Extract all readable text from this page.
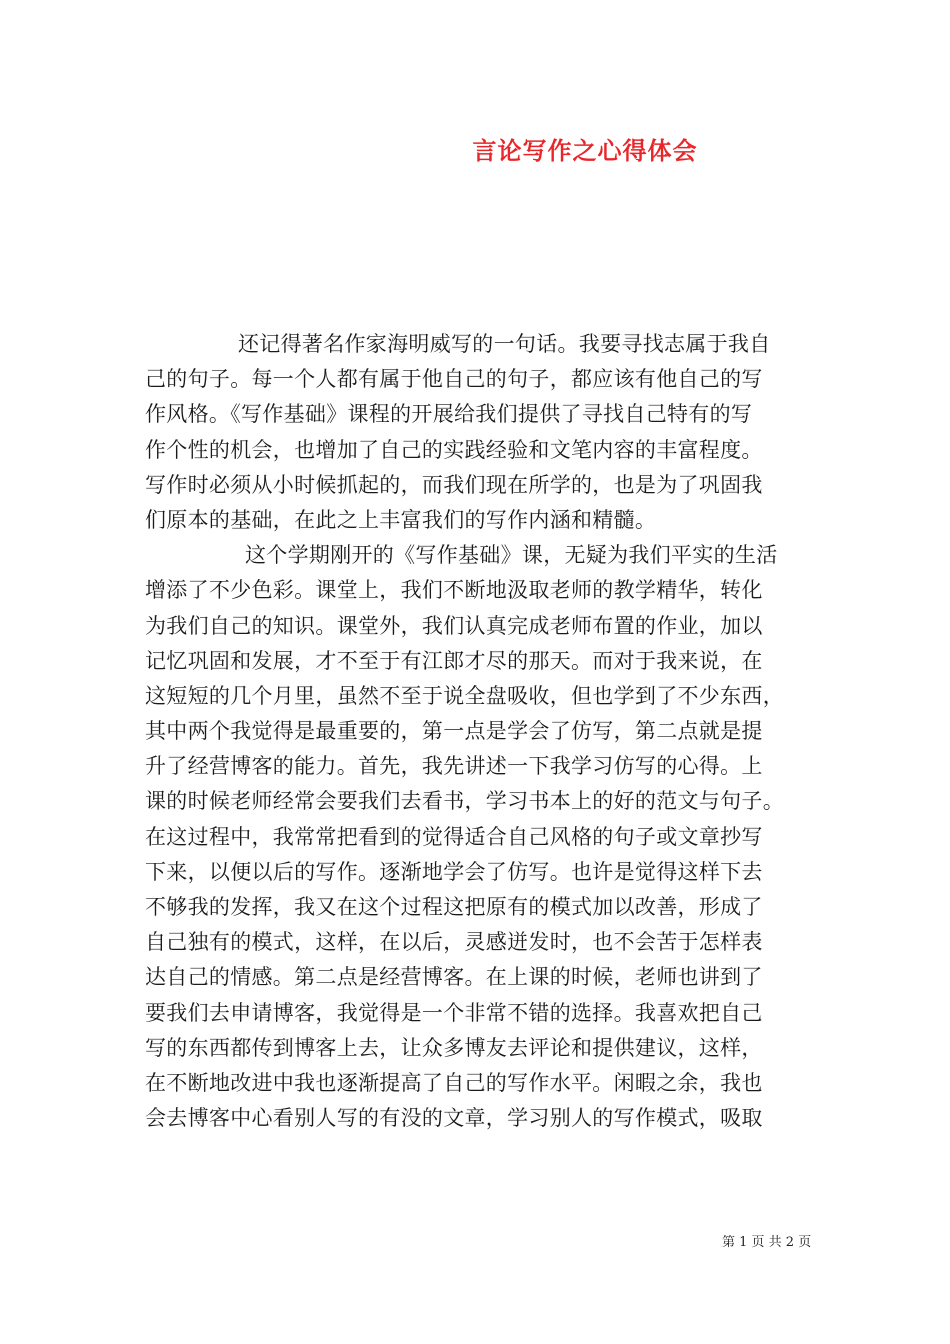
言论写作之心得体会
还记得著名作家海明威写的一句话。我要寻找志属于我自
己的句子。每一个人都有属于他自己的句子，都应该有他自己的写
作风格。《写作基础》课程的开展给我们提供了寻找自己特有的写
作个性的机会，也增加了自己的实践经验和文笔内容的丰富程度。
写作时必须从小时候抓起的，而我们现在所学的，也是为了巩固我
们原本的基础，在此之上丰富我们的写作内涵和精髓。
这个学期刚开的《写作基础》课，无疑为我们平实的生活
增添了不少色彩。课堂上，我们不断地汲取老师的教学精华，转化
为我们自己的知识。课堂外，我们认真完成老师布置的作业，加以
记忆巩固和发展，才不至于有江郎才尽的那天。而对于我来说，在
这短短的几个月里，虽然不至于说全盘吸收，但也学到了不少东西，
其中两个我觉得是最重要的，第一点是学会了仿写，第二点就是提
升了经营博客的能力。首先，我先讲述一下我学习仿写的心得。上
课的时候老师经常会要我们去看书，学习书本上的好的范文与句子。
在这过程中，我常常把看到的觉得适合自己风格的句子或文章抄写
下来，以便以后的写作。逐渐地学会了仿写。也许是觉得这样下去
不够我的发挥，我又在这个过程这把原有的模式加以改善，形成了
自己独有的模式，这样，在以后，灵感迸发时，也不会苦于怎样表
达自己的情感。第二点是经营博客。在上课的时候，老师也讲到了
要我们去申请博客，我觉得是一个非常不错的选择。我喜欢把自己
写的东西都传到博客上去，让众多博友去评论和提供建议，这样，
在不断地改进中我也逐渐提高了自己的写作水平。闲暇之余，我也
会去博客中心看别人写的有没的文章，学习别人的写作模式，吸取
第 1 页 共 2 页
